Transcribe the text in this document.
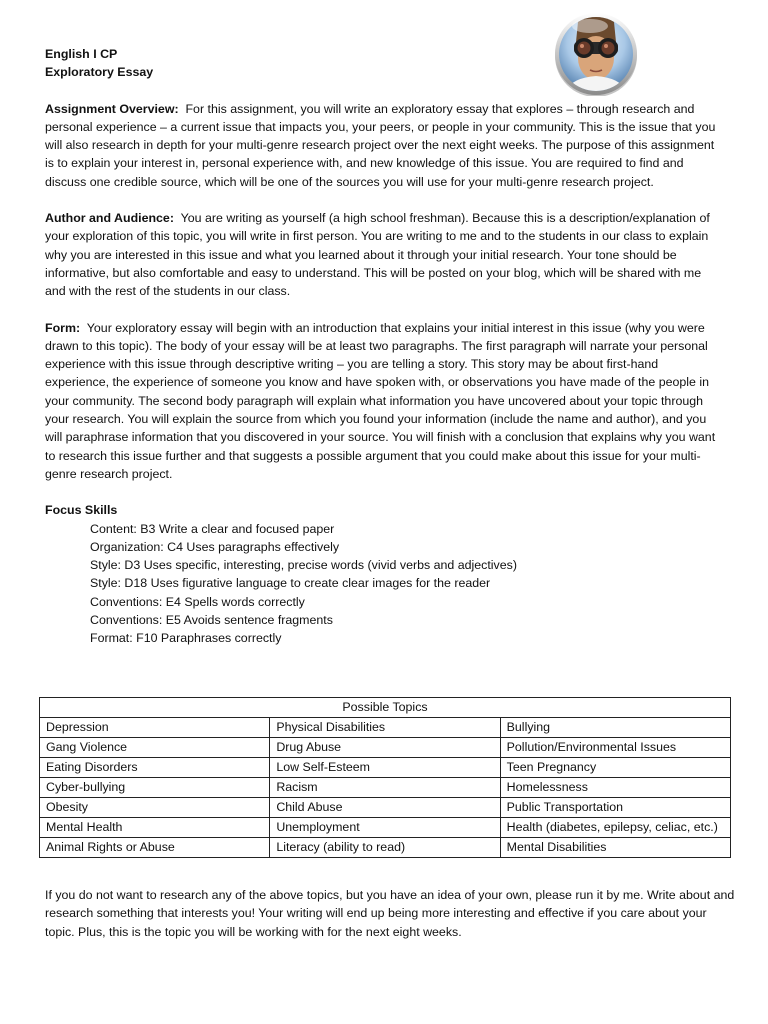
English I CP
Exploratory Essay

Assignment Overview: For this assignment, you will write an exploratory essay that explores – through research and personal experience – a current issue that impacts you, your peers, or people in your community. This is the issue that you will also research in depth for your multi-genre research project over the next eight weeks. The purpose of this assignment is to explain your interest in, personal experience with, and new knowledge of this issue. You are required to find and discuss one credible source, which will be one of the sources you will use for your multi-genre research project.

Author and Audience: You are writing as yourself (a high school freshman). Because this is a description/explanation of your exploration of this topic, you will write in first person. You are writing to me and to the students in our class to explain why you are interested in this issue and what you learned about it through your initial research. Your tone should be informative, but also comfortable and easy to understand. This will be posted on your blog, which will be shared with me and with the rest of the students in our class.

Form: Your exploratory essay will begin with an introduction that explains your initial interest in this issue (why you were drawn to this topic). The body of your essay will be at least two paragraphs. The first paragraph will narrate your personal experience with this issue through descriptive writing – you are telling a story. This story may be about first-hand experience, the experience of someone you know and have spoken with, or observations you have made of the people in your community. The second body paragraph will explain what information you have uncovered about your topic through your research. You will explain the source from which you found your information (include the name and author), and you will paraphrase information that you discovered in your source. You will finish with a conclusion that explains why you want to research this issue further and that suggests a possible argument that you could make about this issue for your multi-genre research project.

Focus Skills
Content: B3 Write a clear and focused paper
Organization: C4 Uses paragraphs effectively
Style: D3 Uses specific, interesting, precise words (vivid verbs and adjectives)
Style: D18 Uses figurative language to create clear images for the reader
Conventions: E4 Spells words correctly
Conventions: E5 Avoids sentence fragments
Format: F10 Paraphrases correctly
Possible Topics		
Depression	Physical Disabilities	Bullying
Gang Violence	Drug Abuse	Pollution/Environmental Issues
Eating Disorders	Low Self-Esteem	Teen Pregnancy
Cyber-bullying	Racism	Homelessness
Obesity	Child Abuse	Public Transportation
Mental Health	Unemployment	Health (diabetes, epilepsy, celiac, etc.)
Animal Rights or Abuse	Literacy (ability to read)	Mental Disabilities

If you do not want to research any of the above topics, but you have an idea of your own, please run it by me. Write about and research something that interests you! Your writing will end up being more interesting and effective if you care about your topic. Plus, this is the topic you will be working with for the next eight weeks.
